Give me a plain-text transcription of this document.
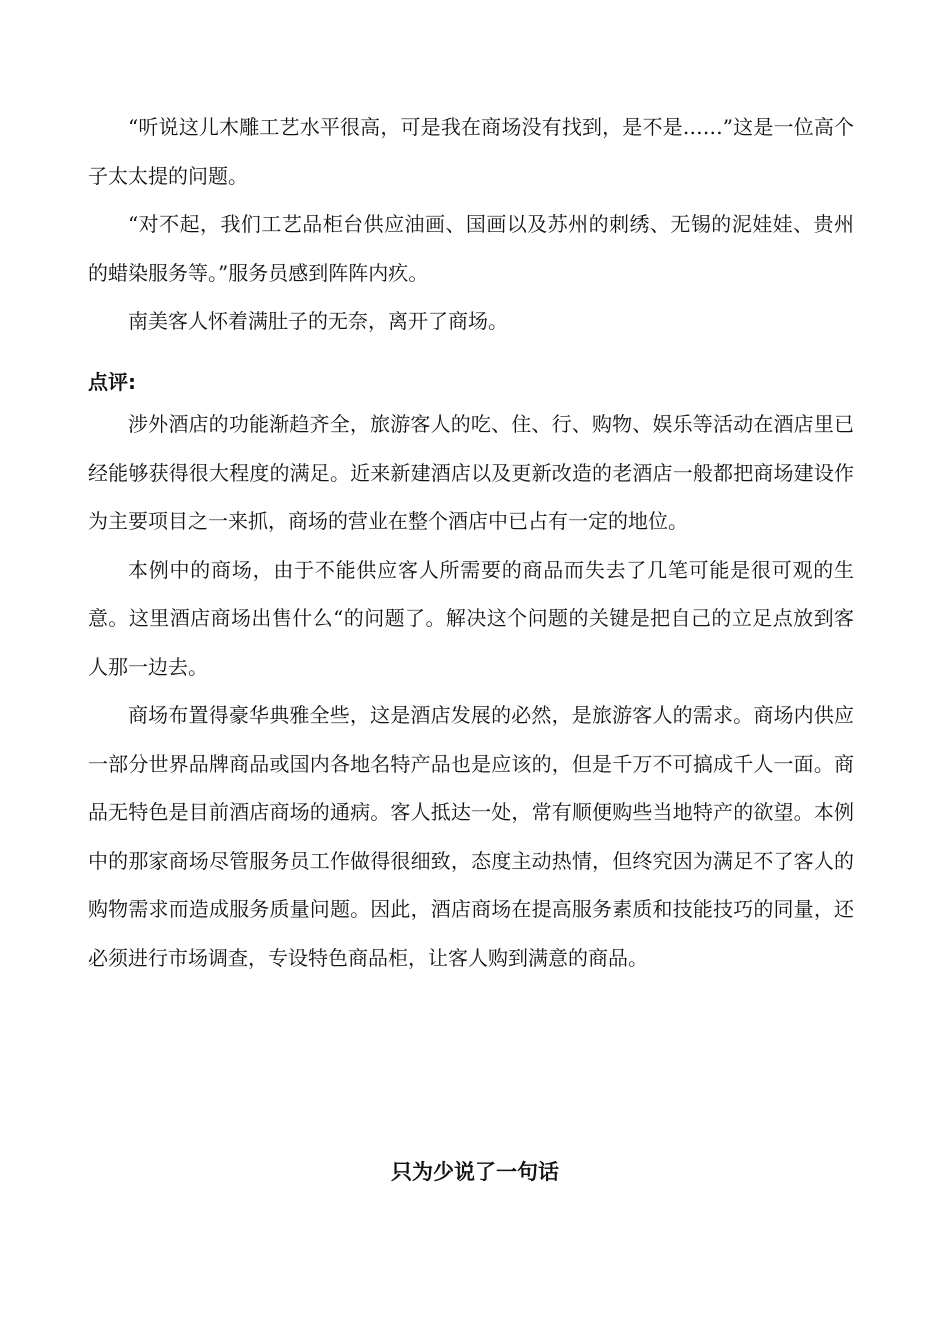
“听说这儿木雕工艺水平很高，可是我在商场没有找到，是不是……”这是一位高个子太太提的问题。

“对不起，我们工艺品柜台供应油画、国画以及苏州的刺绣、无锡的泥娃娃、贵州的蜡染服务等。”服务员感到阵阵内疚。

南美客人怀着满肚子的无奈，离开了商场。

点评:

涉外酒店的功能渐趋齐全，旅游客人的吃、住、行、购物、娱乐等活动在酒店里已经能够获得很大程度的满足。近来新建酒店以及更新改造的老酒店一般都把商场建设作为主要项目之一来抓，商场的营业在整个酒店中已占有一定的地位。

本例中的商场，由于不能供应客人所需要的商品而失去了几笔可能是很可观的生意。这里酒店商场出售什么“的问题了。解决这个问题的关键是把自己的立足点放到客人那一边去。

商场布置得豪华典雅全些，这是酒店发展的必然，是旅游客人的需求。商场内供应一部分世界品牌商品或国内各地名特产品也是应该的，但是千万不可搞成千人一面。商品无特色是目前酒店商场的通病。客人抵达一处，常有顺便购些当地特产的欲望。本例中的那家商场尽管服务员工作做得很细致，态度主动热情，但终究因为满足不了客人的购物需求而造成服务质量问题。因此，酒店商场在提高服务素质和技能技巧的同量，还必须进行市场调查，专设特色商品柜，让客人购到满意的商品。

只为少说了一句话
